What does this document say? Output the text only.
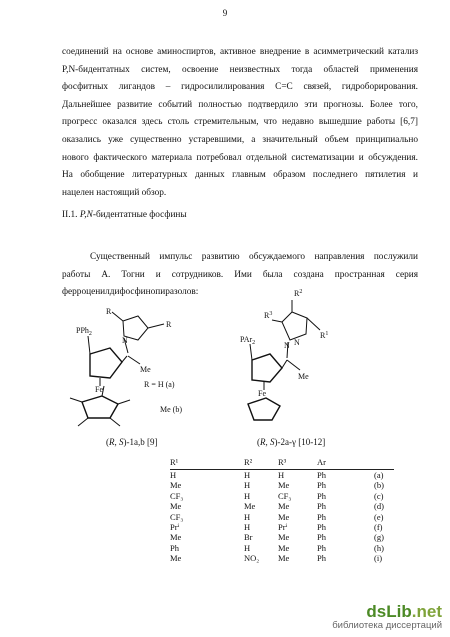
9
соединений на основе аминоспиртов, активное внедрение в асимметрический катализ
P,N-бидентатных систем, освоение неизвестных тогда областей применения
фосфитных лигандов – гидросилилирования C=C связей, гидроборирования.
Дальнейшее развитие событий полностью подтвердило эти прогнозы. Более того,
прогресс оказался здесь столь стремительным, что недавно вышедшие работы [6,7]
оказались уже существенно устаревшими, а значительный объем принципиально
нового фактического материала потребовал отдельной систематизации и обсуждения.
На обобщение литературных данных главным образом последнего пятилетия и
нацелен настоящий обзор.
II.1. P,N-бидентатные фосфины
Существенный импульс развитию обсуждаемого направления послужили
работы А. Тогни и сотрудников. Ими была создана пространная серия
ферроценилдифосфинопиразолов:
R
R
N
PPh$_2$
Me
Fe
R = H (a)
Me (b)
$R^2$
$R^3$
$R^1$
N N
PAr$_2$
Me
Fe
(R, S)-1a,b [9]	(R, S)-2a-γ [10-12]
R¹	R²	R³	Ar	
H	H	H	Ph	(a)
Me	H	Me	Ph	(b)
CF₃	H	CF₃	Ph	(c)
Me	Me	Me	Ph	(d)
CF₃	H	Me	Ph	(e)
Prⁱ	H	Prⁱ	Ph	(f)
Me	Br	Me	Ph	(g)
Ph	H	Me	Ph	(h)
Me	NO₂	Me	Ph	(i)
dsLib.net
библиотека диссертаций
